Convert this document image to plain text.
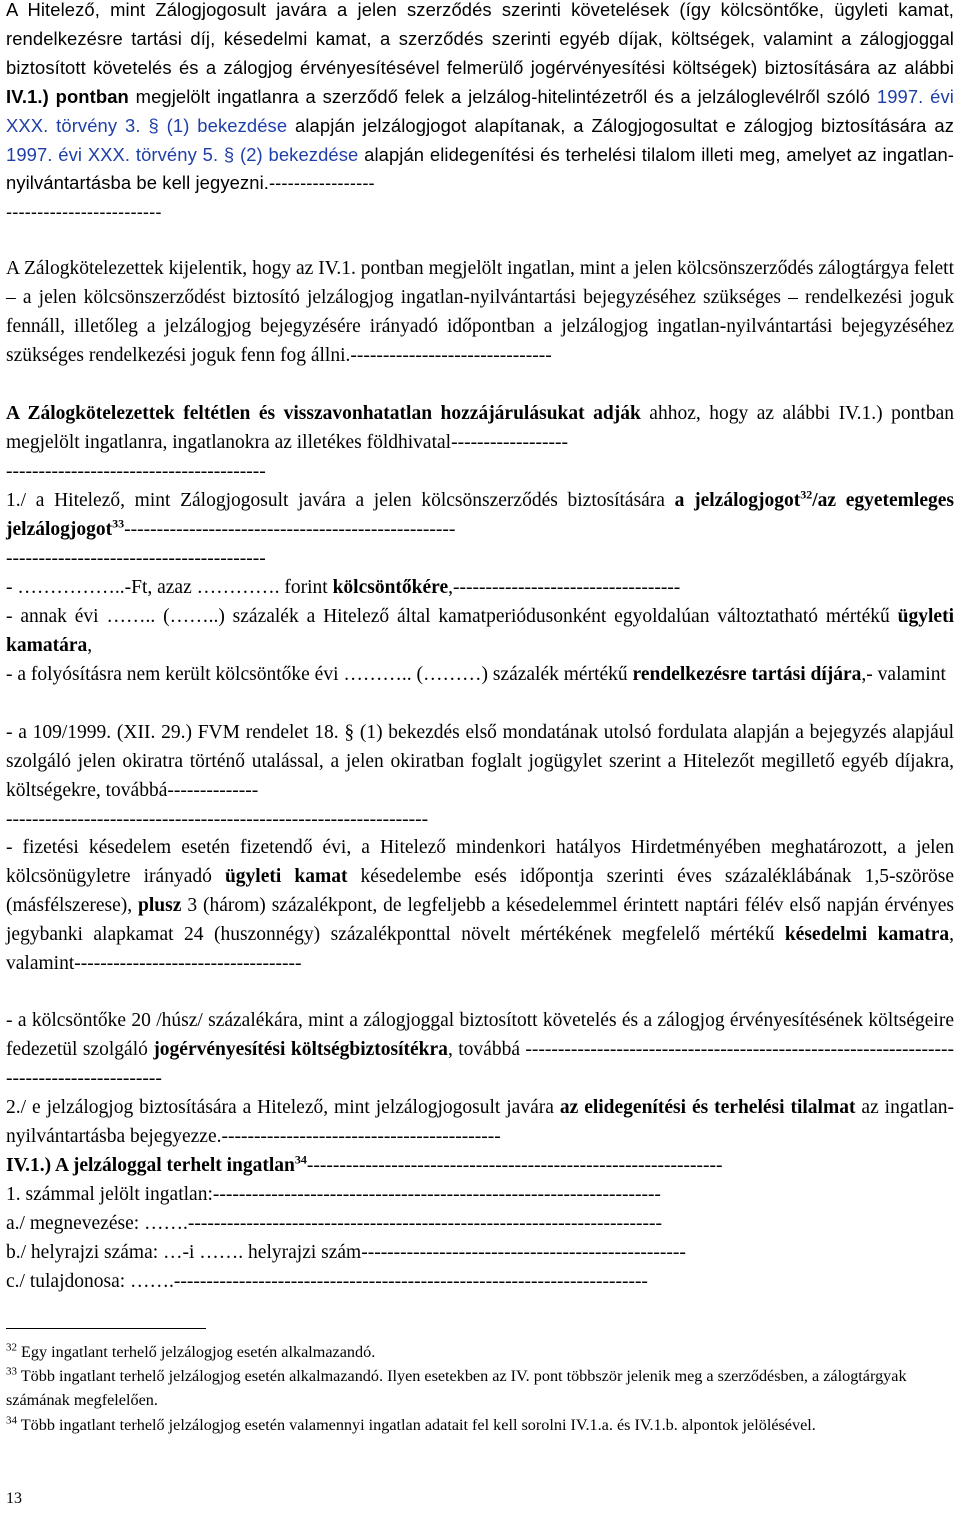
A Hitelező, mint Zálogjogosult javára a jelen szerződés szerinti követelések (így kölcsöntőke, ügyleti kamat, rendelkezésre tartási díj, késedelmi kamat, a szerződés szerinti egyéb díjak, költségek, valamint a zálogjoggal biztosított követelés és a zálogjog érvényesítésével felmerülő jogérvényesítési költségek) biztosítására az alábbi IV.1.) pontban megjelölt ingatlanra a szerződő felek a jelzálog-hitelintézetről és a jelzáloglevélről szóló 1997. évi XXX. törvény 3. § (1) bekezdése alapján jelzálogjogot alapítanak, a Zálogjogosultat e zálogjog biztosítására az 1997. évi XXX. törvény 5. § (2) bekezdése alapján elidegenítési és terhelési tilalom illeti meg, amelyet az ingatlan-nyilvántartásba be kell jegyezni.-----------------
-------------------------
A Zálogkötelezettek kijelentik, hogy az IV.1. pontban megjelölt ingatlan, mint a jelen kölcsönszerződés zálogtárgya felett – a jelen kölcsönszerződést biztosító jelzálogjog ingatlan-nyilvántartási bejegyzéséhez szükséges – rendelkezési joguk fennáll, illetőleg a jelzálogjog bejegyzésére irányadó időpontban a jelzálogjog ingatlan-nyilvántartási bejegyzéséhez szükséges rendelkezési joguk fenn fog állni.-------------------------------
A Zálogkötelezettek feltétlen és visszavonhatatlan hozzájárulásukat adják ahhoz, hogy az alábbi IV.1.) pontban megjelölt ingatlanra, ingatlanokra az illetékes földhivatal------------------
----------------------------------------
1./ a Hitelező, mint Zálogjogosult javára a jelen kölcsönszerződés biztosítására a jelzálogjogot$^{32}$/az egyetemleges jelzálogjogot$^{33}$---------------------------------------------------
----------------------------------------
- ……………..-Ft, azaz …………. forint kölcsöntőkére,-----------------------------------
- annak évi …….. (……..) százalék a Hitelező által kamatperiódusonként egyoldalúan változtatható mértékű ügyleti kamatára,
- a folyósításra nem került kölcsöntőke évi ……….. (………) százalék mértékű rendelkezésre tartási díjára,- valamint
- a 109/1999. (XII. 29.) FVM rendelet 18. § (1) bekezdés első mondatának utolsó fordulata alapján a bejegyzés alapjául szolgáló jelen okiratra történő utalással, a jelen okiratban foglalt jogügylet szerint a Hitelezőt megillető egyéb díjakra, költségekre, továbbá--------------
-----------------------------------------------------------------
- fizetési késedelem esetén fizetendő évi, a Hitelező mindenkori hatályos Hirdetményében meghatározott, a jelen kölcsönügyletre irányadó ügyleti kamat késedelembe esés időpontja szerinti éves százaléklábának 1,5-szöröse (másfélszerese), plusz 3 (három) százalékpont, de legfeljebb a késedelemmel érintett naptári félév első napján érvényes jegybanki alapkamat 24 (huszonnégy) százalékponttal növelt mértékének megfelelő mértékű késedelmi kamatra, valamint-----------------------------------
- a kölcsöntőke 20 /húsz/ százalékára, mint a zálogjoggal biztosított követelés és a zálogjog érvényesítésének költségeire fedezetül szolgáló jogérvényesítési költségbiztosítékra, továbbá ------------------------------------------------------------------------------------------
2./ e jelzálogjog biztosítására a Hitelező, mint jelzálogjogosult javára az elidegenítési és terhelési tilalmat az ingatlan-nyilvántartásba bejegyezze.-------------------------------------------
IV.1.) A jelzáloggal terhelt ingatlan$^{34}$----------------------------------------------------------------
1. számmal jelölt ingatlan:---------------------------------------------------------------------
a./ megnevezése: …….-------------------------------------------------------------------------
b./ helyrajzi száma: …-i ……. helyrajzi szám--------------------------------------------------
c./ tulajdonosa: …….-------------------------------------------------------------------------
$^{32}$ Egy ingatlant terhelő jelzálogjog esetén alkalmazandó.
$^{33}$ Több ingatlant terhelő jelzálogjog esetén alkalmazandó. Ilyen esetekben az IV. pont többször jelenik meg a szerződésben, a zálogtárgyak számának megfelelően.
$^{34}$ Több ingatlant terhelő jelzálogjog esetén valamennyi ingatlan adatait fel kell sorolni IV.1.a. és IV.1.b. alpontok jelölésével.
13
